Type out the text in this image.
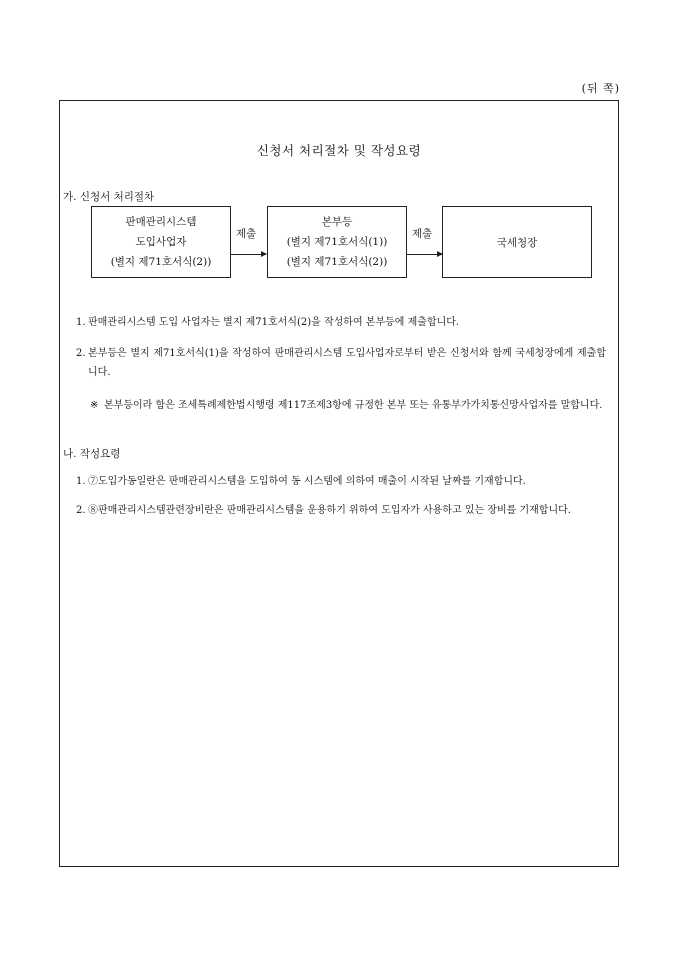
(뒤 쪽)
신청서 처리절차 및 작성요령
가. 신청서 처리절차
판매관리시스템
도입사업자
(별지 제71호서식(2))
제출
본부등
(별지 제71호서식(1))
(별지 제71호서식(2))
제출
국세청장
1. 판매관리시스템 도입 사업자는 별지 제71호서식(2)을 작성하여 본부등에 제출합니다.
2. 본부등은 별지 제71호서식(1)을 작성하여 판매관리시스템 도입사업자로부터 받은 신청서와 함께 국세청장에게 제출합니다.
※ 본부등이라 함은 조세특례제한법시행령 제117조제3항에 규정한 본부 또는 유통부가가치통신망사업자를 말합니다.
나. 작성요령
1. ⑦도입가동일란은 판매관리시스템을 도입하여 동 시스템에 의하여 매출이 시작된 날짜를 기재합니다.
2. ⑧판매관리시스템관련장비란은 판매관리시스템을 운용하기 위하여 도입자가 사용하고 있는 장비를 기재합니다.
